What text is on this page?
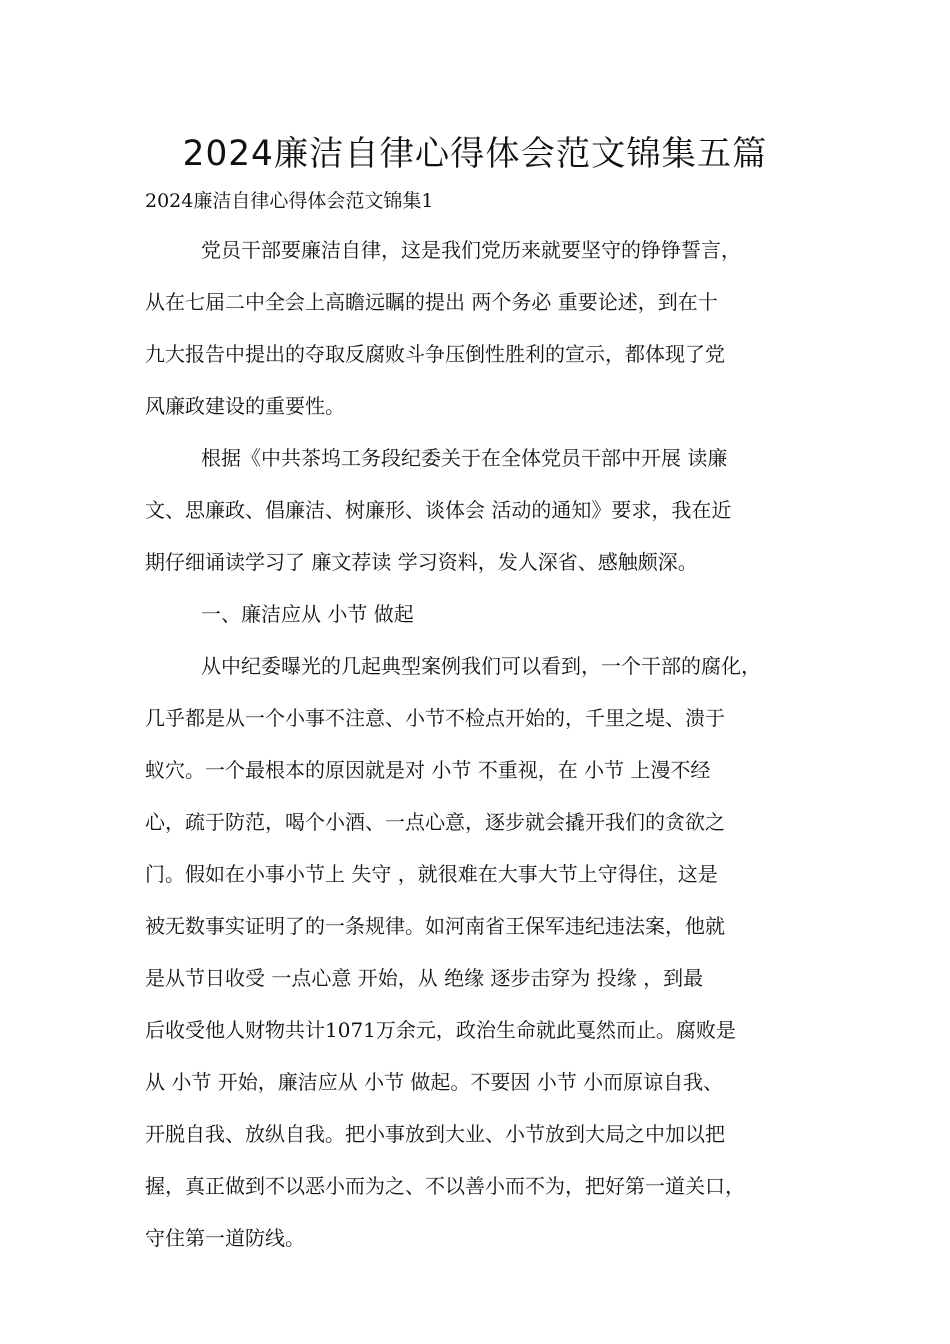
2024廉洁自律心得体会范文锦集五篇
2024廉洁自律心得体会范文锦集1
党员干部要廉洁自律，这是我们党历来就要坚守的铮铮誓言，
从在七届二中全会上高瞻远瞩的提出 两个务必 重要论述，到在十
九大报告中提出的夺取反腐败斗争压倒性胜利的宣示，都体现了党
风廉政建设的重要性。
根据《中共茶坞工务段纪委关于在全体党员干部中开展 读廉
文、思廉政、倡廉洁、树廉形、谈体会 活动的通知》要求，我在近
期仔细诵读学习了 廉文荐读 学习资料，发人深省、感触颇深。
一、廉洁应从 小节 做起
从中纪委曝光的几起典型案例我们可以看到，一个干部的腐化，
几乎都是从一个小事不注意、小节不检点开始的，千里之堤、溃于
蚁穴。一个最根本的原因就是对 小节 不重视，在 小节 上漫不经
心，疏于防范，喝个小酒、一点心意，逐步就会撬开我们的贪欲之
门。假如在小事小节上 失守 ，就很难在大事大节上守得住，这是
被无数事实证明了的一条规律。如河南省王保军违纪违法案，他就
是从节日收受 一点心意 开始，从 绝缘 逐步击穿为 投缘 ，到最
后收受他人财物共计1071万余元，政治生命就此戛然而止。腐败是
从 小节 开始，廉洁应从 小节 做起。不要因 小节 小而原谅自我、
开脱自我、放纵自我。把小事放到大业、小节放到大局之中加以把
握，真正做到不以恶小而为之、不以善小而不为，把好第一道关口，
守住第一道防线。
